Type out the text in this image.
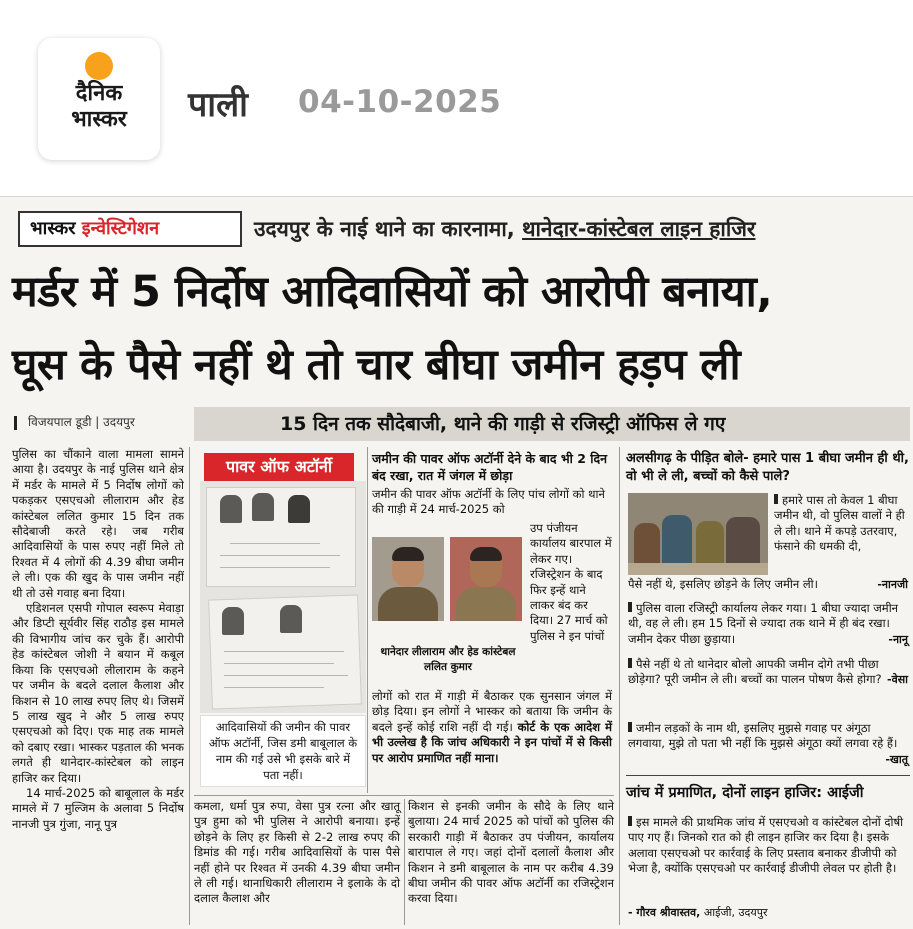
दैनिक
भास्कर	पाली 04-10-2025
भास्कर इन्वेस्टिगेशन	उदयपुर के नाई थाने का कारनामा, थानेदार-कांस्टेबल लाइन हाजिर
मर्डर में 5 निर्दोष आदिवासियों को आरोपी बनाया,
घूस के पैसे नहीं थे तो चार बीघा जमीन हड़प ली
विजयपाल डूडी | उदयपुर	15 दिन तक सौदेबाजी, थाने की गाड़ी से रजिस्ट्री ऑफिस ले गए

पुलिस का चौंकाने वाला मामला सामने आया है। उदयपुर के नाई पुलिस थाने क्षेत्र में मर्डर के मामले में 5 निर्दोष लोगों को पकड़कर एसएचओ लीलाराम और हेड कांस्टेबल ललित कुमार 15 दिन तक सौदेबाजी करते रहे। जब गरीब आदिवासियों के पास रुपए नहीं मिले तो रिश्वत में 4 लोगों की 4.39 बीघा जमीन ले ली। एक की खुद के पास जमीन नहीं थी तो उसे गवाह बना दिया।

एडिशनल एसपी गोपाल स्वरूप मेवाड़ा और डिप्टी सूर्यवीर सिंह राठौड़ इस मामले की विभागीय जांच कर चुके हैं। आरोपी हेड कांस्टेबल जोशी ने बयान में कबूल किया कि एसएचओ लीलाराम के कहने पर जमीन के बदले दलाल कैलाश और किशन से 10 लाख रुपए लिए थे। जिसमें 5 लाख खुद ने और 5 लाख रुपए एसएचओ को दिए। एक माह तक मामले को दबाए रखा। भास्कर पड़ताल की भनक लगते ही थानेदार-कांस्टेबल को लाइन हाजिर कर दिया।

14 मार्च-2025 को बाबूलाल के मर्डर मामले में 7 मुल्जिम के अलावा 5 निर्दोष नानजी पुत्र गुंजा, नानू पुत्र

पावर ऑफ अटॉर्नी
आदिवासियों की जमीन की पावर ऑफ अटॉर्नी, जिस डमी बाबूलाल के नाम की गई उसे भी इसके बारे में पता नहीं।
जमीन की पावर ऑफ अटॉर्नी देने के बाद भी 2 दिन बंद रखा, रात में जंगल में छोड़ा
जमीन की पावर ऑफ अटॉर्नी के लिए पांच लोगों को थाने की गाड़ी में 24 मार्च-2025 को
उप पंजीयन कार्यालय बारपाल में लेकर गए। रजिस्ट्रेशन के बाद फिर इन्हें थाने लाकर बंद कर दिया। 27 मार्च को पुलिस ने इन पांचों
थानेदार लीलाराम और हेड कांस्टेबल ललित कुमार
लोगों को रात में गाड़ी में बैठाकर एक सुनसान जंगल में छोड़ दिया। इन लोगों ने भास्कर को बताया कि जमीन के बदले इन्हें कोई राशि नहीं दी गई। कोर्ट के एक आदेश में भी उल्लेख है कि जांच अधिकारी ने इन पांचों में से किसी पर आरोप प्रमाणित नहीं माना।
कमला, धर्मा पुत्र रुपा, वेसा पुत्र रत्ना और खातू पुत्र हुमा को भी पुलिस ने आरोपी बनाया। इन्हें छोड़ने के लिए हर किसी से 2-2 लाख रुपए की डिमांड की गई। गरीब आदिवासियों के पास पैसे नहीं होने पर रिश्वत में उनकी 4.39 बीघा जमीन ले ली गई। थानाधिकारी लीलाराम ने इलाके के दो दलाल कैलाश और
किशन से इनकी जमीन के सौदे के लिए थाने बुलाया। 24 मार्च 2025 को पांचों को पुलिस की सरकारी गाड़ी में बैठाकर उप पंजीयन, कार्यालय बारापाल ले गए। जहां दोनों दलालों कैलाश और किशन ने डमी बाबूलाल के नाम पर करीब 4.39 बीघा जमीन की पावर ऑफ अटॉर्नी का रजिस्ट्रेशन करवा दिया।
अलसीगढ़ के पीड़ित बोले- हमारे पास 1 बीघा जमीन ही थी, वो भी ले ली, बच्चों को कैसे पाले?
हमारे पास तो केवल 1 बीघा जमीन थी, वो पुलिस वालों ने ही ले ली। थाने में कपड़े उतरवाए, फंसाने की धमकी दी,
पैसे नहीं थे, इसलिए छोड़ने के लिए जमीन ली।	-नानजी
पुलिस वाला रजिस्ट्री कार्यालय लेकर गया। 1 बीघा ज्यादा जमीन थी, वह ले ली। हम 15 दिनों से ज्यादा तक थाने में ही बंद रखा। जमीन देकर पीछा छुड़ाया।	-नानू
पैसे नहीं थे तो थानेदार बोलो आपकी जमीन दोगे तभी पीछा छोड़ेगा? पूरी जमीन ले ली। बच्चों का पालन पोषण कैसे होगा? -वेसा
जमीन लड़कों के नाम थी, इसलिए मुझसे गवाह पर अंगूठा लगवाया, मुझे तो पता भी नहीं कि मुझसे अंगूठा क्यों लगवा रहे हैं।
-खातू
जांच में प्रमाणित, दोनों लाइन हाजिर: आईजी
इस मामले की प्राथमिक जांच में एसएचओ व कांस्टेबल दोनों दोषी पाए गए हैं। जिनको रात को ही लाइन हाजिर कर दिया है। इसके अलावा एसएचओ पर कार्रवाई के लिए प्रस्ताव बनाकर डीजीपी को भेजा है, क्योंकि एसएचओ पर कार्रवाई डीजीपी लेवल पर होती है।
- गौरव श्रीवास्तव, आईजी, उदयपुर
